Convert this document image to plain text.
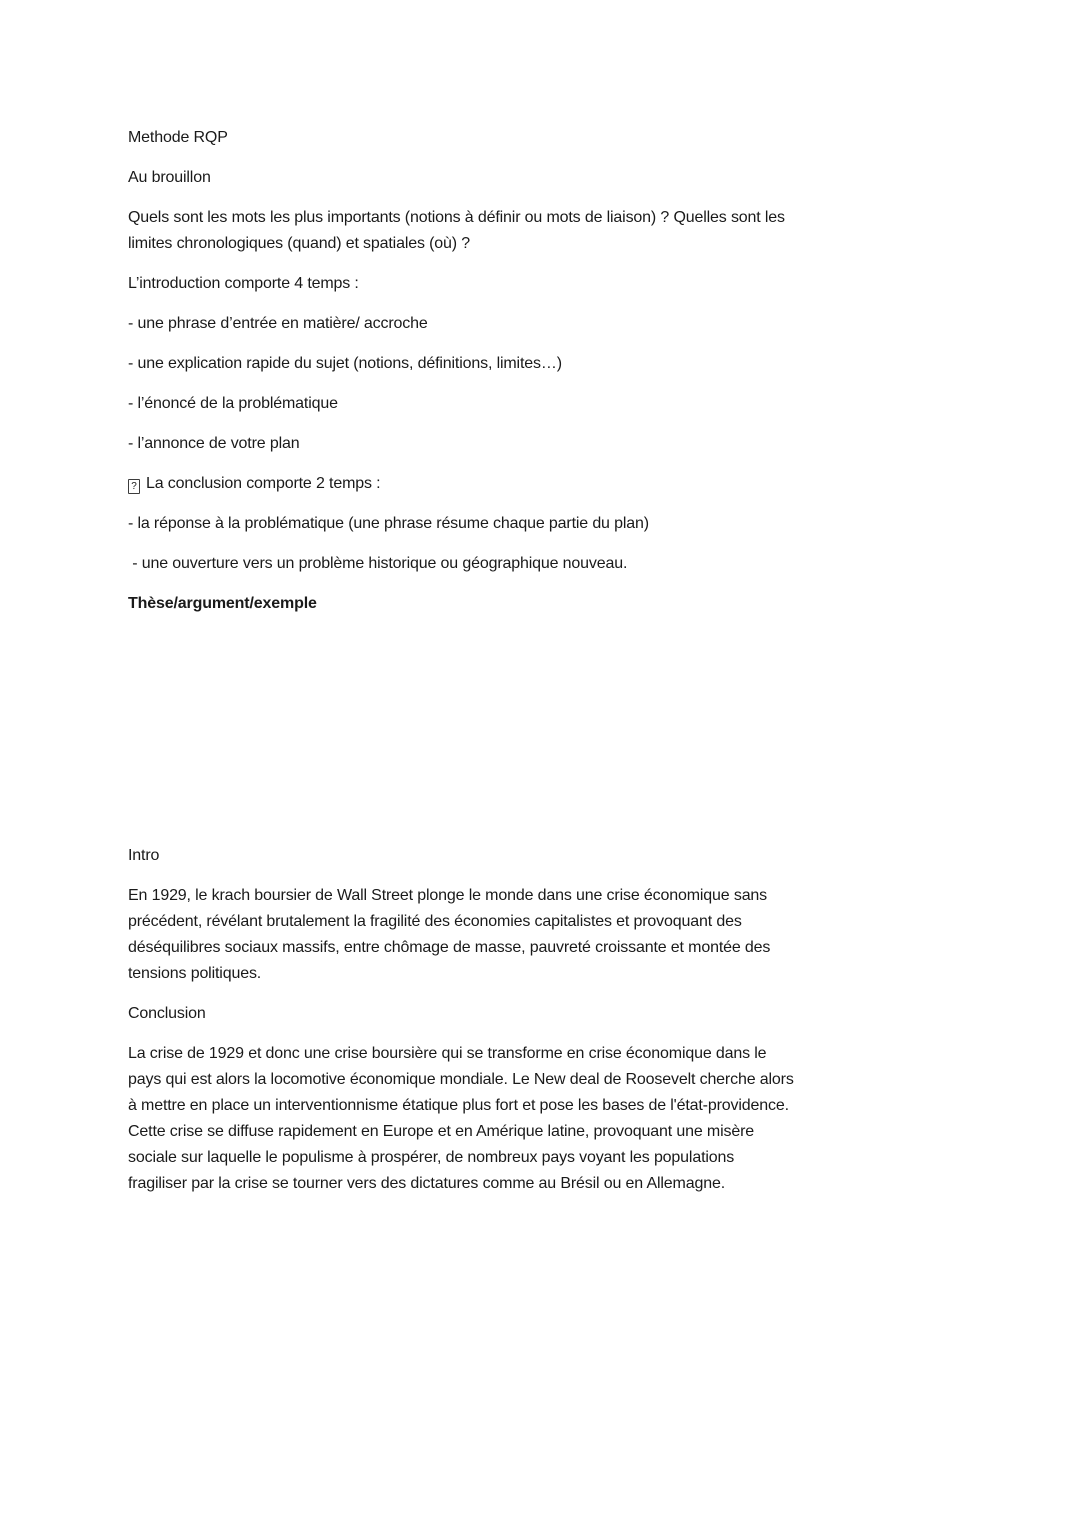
Methode RQP
Au brouillon
Quels sont les mots les plus importants (notions à définir ou mots de liaison) ? Quelles sont les
limites chronologiques (quand) et spatiales (où) ?
L’introduction comporte 4 temps :
- une phrase d’entrée en matière/ accroche
- une explication rapide du sujet (notions, définitions, limites…)
- l’énoncé de la problématique
- l’annonce de votre plan
? La conclusion comporte 2 temps :
- la réponse à la problématique (une phrase résume chaque partie du plan)
- une ouverture vers un problème historique ou géographique nouveau.
Thèse/argument/exemple
Intro
En 1929, le krach boursier de Wall Street plonge le monde dans une crise économique sans
précédent, révélant brutalement la fragilité des économies capitalistes et provoquant des
déséquilibres sociaux massifs, entre chômage de masse, pauvreté croissante et montée des
tensions politiques.
Conclusion
La crise de 1929 et donc une crise boursière qui se transforme en crise économique dans le
pays qui est alors la locomotive économique mondiale. Le New deal de Roosevelt cherche alors
à mettre en place un interventionnisme étatique plus fort et pose les bases de l'état-providence.
Cette crise se diffuse rapidement en Europe et en Amérique latine, provoquant une misère
sociale sur laquelle le populisme à prospérer, de nombreux pays voyant les populations
fragiliser par la crise se tourner vers des dictatures comme au Brésil ou en Allemagne.
